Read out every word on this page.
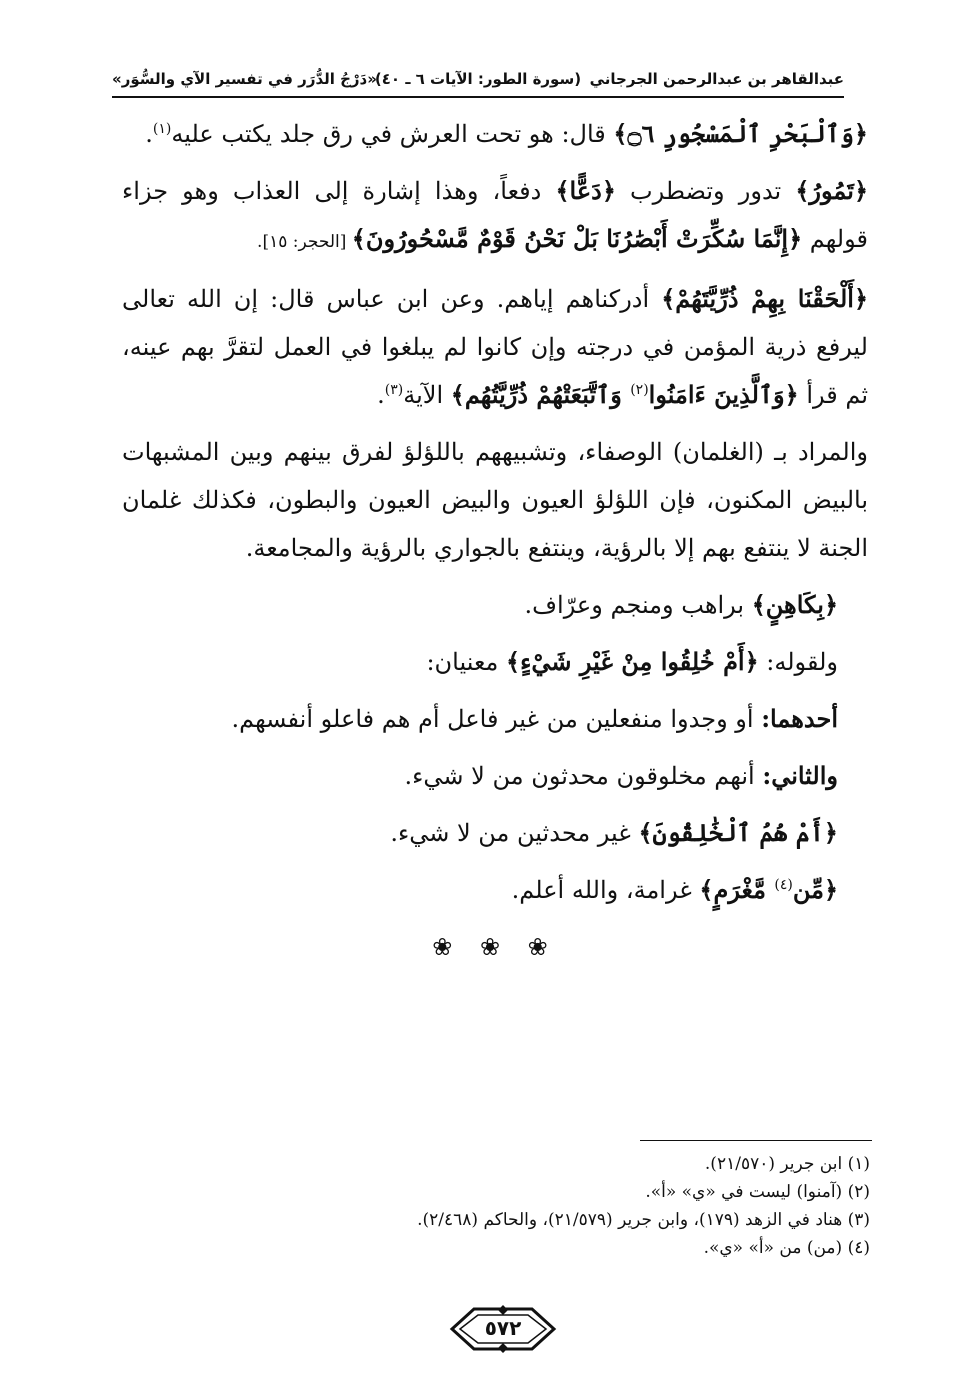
عبدالقاهر بن عبدالرحمن الجرجاني
(سورة الطور: الآيات ٦ ـ ٤٠)
«دَرْجُ الدُّرَر في تفسير الآي والسُّوَر»

﴿وَٱلْبَحْرِ ٱلْمَسْجُورِ ۝٦﴾ قال: هو تحت العرش في رق جلد يكتب عليه$^{(١)}$.

﴿تَمُورُ﴾ تدور وتضطرب ﴿دَعًّا﴾ دفعاً، وهذا إشارة إلى العذاب وهو جزاء قولهم ﴿إِنَّمَا سُكِّرَتْ أَبْصَٰرُنَا بَلْ نَحْنُ قَوْمٌ مَّسْحُورُونَ﴾ [الحجر: ١٥].

﴿أَلْحَقْنَا بِهِمْ ذُرِّيَّتَهُمْ﴾ أدركناهم إياهم. وعن ابن عباس قال: إن الله تعالى ليرفع ذرية المؤمن في درجته وإن كانوا لم يبلغوا في العمل لتقرَّ بهم عينه، ثم قرأ ﴿وَٱلَّذِينَ ءَامَنُوا$^{(٢)}$ وَٱتَّبَعَتْهُمْ ذُرِّيَّتُهُم﴾ الآية$^{(٣)}$.

والمراد بـ (الغلمان) الوصفاء، وتشبيههم باللؤلؤ لفرق بينهم وبين المشبهات بالبيض المكنون، فإن اللؤلؤ العيون والبيض العيون والبطون، فكذلك غلمان الجنة لا ينتفع بهم إلا بالرؤية، وينتفع بالجواري بالرؤية والمجامعة.

﴿بِكَاهِنٍ﴾ براهب ومنجم وعرّاف.

ولقوله: ﴿أَمْ خُلِقُوا مِنْ غَيْرِ شَيْءٍ﴾ معنيان:

أحدهما: أو وجدوا منفعلين من غير فاعل أم هم فاعلو أنفسهم.

والثاني: أنهم مخلوقون محدثون من لا شيء.

﴿أَمْ هُمُ ٱلْخَٰلِقُونَ﴾ غير محدثين من لا شيء.

﴿مِّن$^{(٤)}$ مَّغْرَمٍ﴾ غرامة، والله أعلم.

❀ ❀ ❀

(١) ابن جرير (٢١/٥٧٠).
(٢) (آمنوا) ليست في «ي» «أ».
(٣) هناد في الزهد (١٧٩)، وابن جرير (٢١/٥٧٩)، والحاكم (٢/٤٦٨).
(٤) (من) من «أ» «ي».
٥٧٢
